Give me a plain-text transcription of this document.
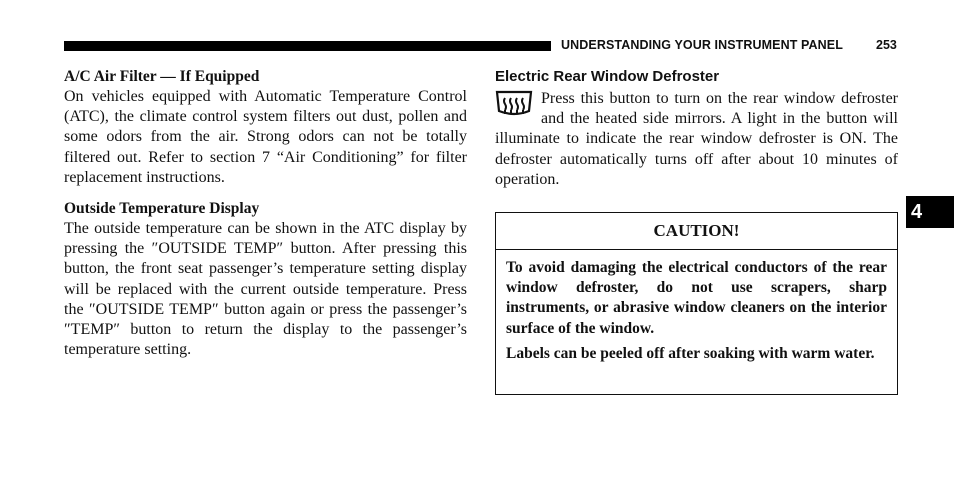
UNDERSTANDING YOUR INSTRUMENT PANEL	253
A/C Air Filter — If Equipped

On vehicles equipped with Automatic Temperature Control (ATC), the climate control system filters out dust, pollen and some odors from the air. Strong odors can not be totally filtered out. Refer to section 7 “Air Conditioning” for filter replacement instructions.

Outside Temperature Display

The outside temperature can be shown in the ATC display by pressing the ″OUTSIDE TEMP″ button. After pressing this button, the front seat passenger’s temperature setting display will be replaced with the current outside temperature. Press the ″OUTSIDE TEMP″ button again or press the passenger’s ″TEMP″ button to return the display to the passenger’s temperature setting.

Electric Rear Window Defroster

Press this button to turn on the rear window defroster and the heated side mirrors. A light in the button will illuminate to indicate the rear window defroster is ON. The defroster automatically turns off after about 10 minutes of operation.

CAUTION!

To avoid damaging the electrical conductors of the rear window defroster, do not use scrapers, sharp instruments, or abrasive window cleaners on the interior surface of the window.

Labels can be peeled off after soaking with warm water.

4
